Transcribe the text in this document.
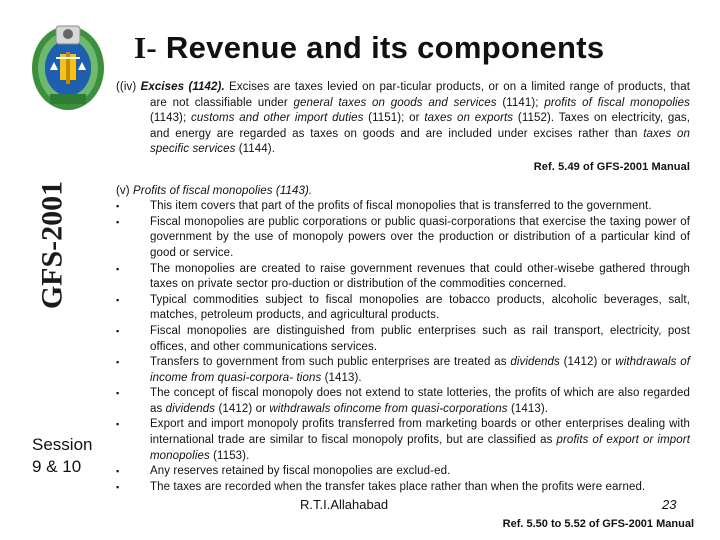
GFS-2001
I- Revenue and its components

((iv) Excises (1142). Excises are taxes levied on par-ticular products, or on a limited range of products, that are not classifiable under general taxes on goods and services (1141); profits of fiscal monopolies (1143); customs and other import duties (1151); or taxes on exports (1152). Taxes on electricity, gas, and energy are regarded as taxes on goods and are included under excises rather than taxes on specific services (1144).

Ref. 5.49 of GFS-2001 Manual

(v) Profits of fiscal monopolies (1143).

▪	This item covers that part of the profits of fiscal monopolies that is transferred to the government.
▪	Fiscal monopolies are public corporations or public quasi-corporations that exercise the taxing power of government by the use of monopoly powers over the production or distribution of a particular kind of good or service.
▪	The monopolies are created to raise government revenues that could other-wisebe gathered through taxes on private sector pro-duction or distribution of the commodities concerned.
▪	Typical commodities subject to fiscal monopolies are tobacco products, alcoholic beverages, salt, matches, petroleum products, and agricultural products.
▪	Fiscal monopolies are distinguished from public enterprises such as rail transport, electricity, post offices, and other communications services.
▪	Transfers to government from such public enterprises are treated as dividends (1412) or withdrawals of income from quasi-corpora- tions (1413).
▪	The concept of fiscal monopoly does not extend to state lotteries, the profits of which are also regarded as dividends (1412) or withdrawals ofincome from quasi-corporations (1413).
▪	Export and import monopoly profits transferred from marketing boards or other enterprises dealing with international trade are similar to fiscal monopoly profits, but are classified as profits of export or import monopolies (1153).
▪	Any reserves retained by fiscal monopolies are exclud-ed.
▪	The taxes are recorded when the transfer takes place rather than when the profits were earned.
Session
9 & 10
R.T.I.Allahabad	23
Ref. 5.50 to 5.52 of GFS-2001 Manual
